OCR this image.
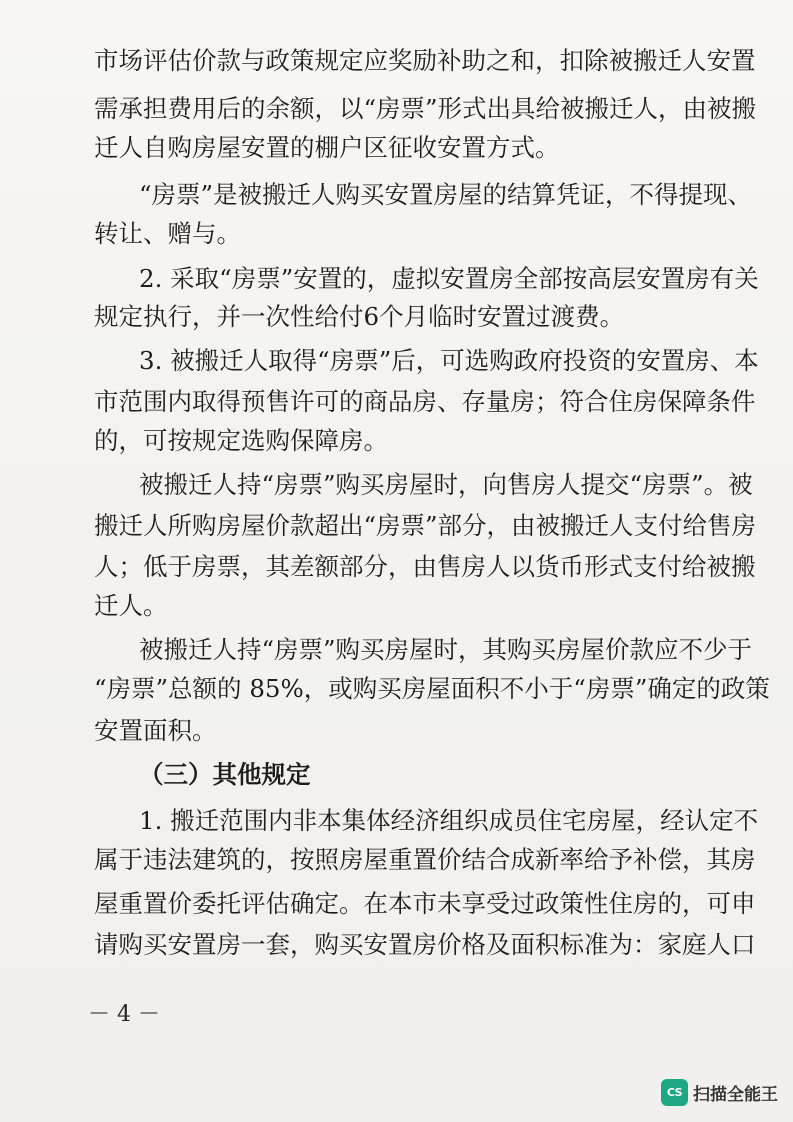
市场评估价款与政策规定应奖励补助之和，扣除被搬迁人安置
需承担费用后的余额，以“房票”形式出具给被搬迁人，由被搬
迁人自购房屋安置的棚户区征收安置方式。
“房票”是被搬迁人购买安置房屋的结算凭证，不得提现、
转让、赠与。
2. 采取“房票”安置的，虚拟安置房全部按高层安置房有关
规定执行，并一次性给付6个月临时安置过渡费。
3. 被搬迁人取得“房票”后，可选购政府投资的安置房、本
市范围内取得预售许可的商品房、存量房；符合住房保障条件
的，可按规定选购保障房。
被搬迁人持“房票”购买房屋时，向售房人提交“房票”。被
搬迁人所购房屋价款超出“房票”部分，由被搬迁人支付给售房
人；低于房票，其差额部分，由售房人以货币形式支付给被搬
迁人。
被搬迁人持“房票”购买房屋时，其购买房屋价款应不少于
“房票”总额的 85%，或购买房屋面积不小于“房票”确定的政策
安置面积。
（三）其他规定
1. 搬迁范围内非本集体经济组织成员住宅房屋，经认定不
属于违法建筑的，按照房屋重置价结合成新率给予补偿，其房
屋重置价委托评估确定。在本市未享受过政策性住房的，可申
请购买安置房一套，购买安置房价格及面积标准为：家庭人口
－ 4 －
CS 扫描全能王
